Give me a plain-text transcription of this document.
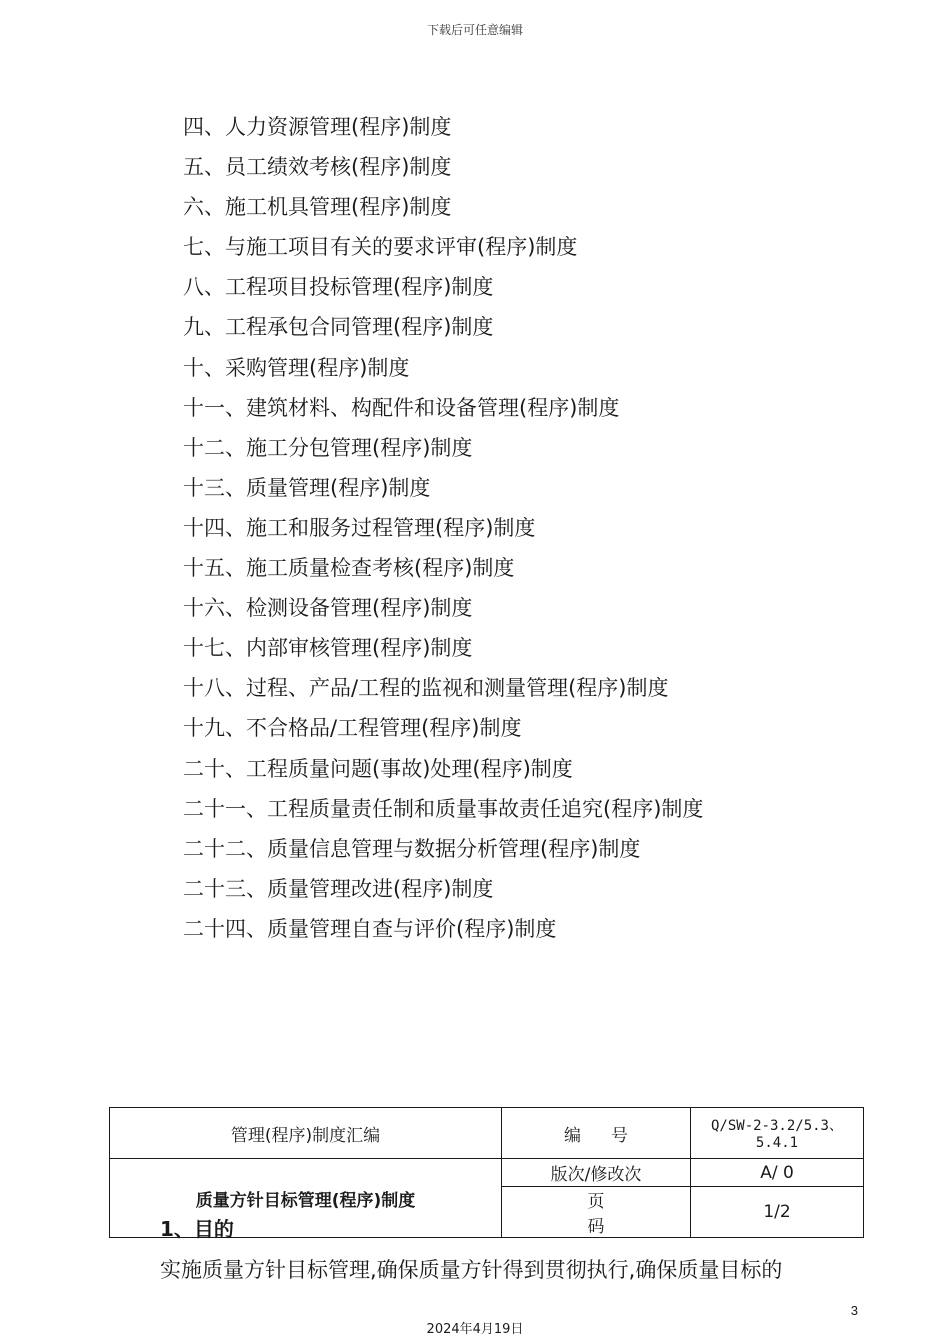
下载后可任意编辑
四、人力资源管理(程序)制度
五、员工绩效考核(程序)制度
六、施工机具管理(程序)制度
七、与施工项目有关的要求评审(程序)制度
八、工程项目投标管理(程序)制度
九、工程承包合同管理(程序)制度
十、采购管理(程序)制度
十一、建筑材料、构配件和设备管理(程序)制度
十二、施工分包管理(程序)制度
十三、质量管理(程序)制度
十四、施工和服务过程管理(程序)制度
十五、施工质量检查考核(程序)制度
十六、检测设备管理(程序)制度
十七、内部审核管理(程序)制度
十八、过程、产品/工程的监视和测量管理(程序)制度
十九、不合格品/工程管理(程序)制度
二十、工程质量问题(事故)处理(程序)制度
二十一、工程质量责任制和质量事故责任追究(程序)制度
二十二、质量信息管理与数据分析管理(程序)制度
二十三、质量管理改进(程序)制度
二十四、质量管理自查与评价(程序)制度
管理(程序)制度汇编	编号	Q/SW-2-3.2/5.3、5.4.1
质量方针目标管理(程序)制度	版次/修改次	A/ 0
	页码	1/2
1、目的
实施质量方针目标管理,确保质量方针得到贯彻执行,确保质量目标的
3
2024年4月19日
